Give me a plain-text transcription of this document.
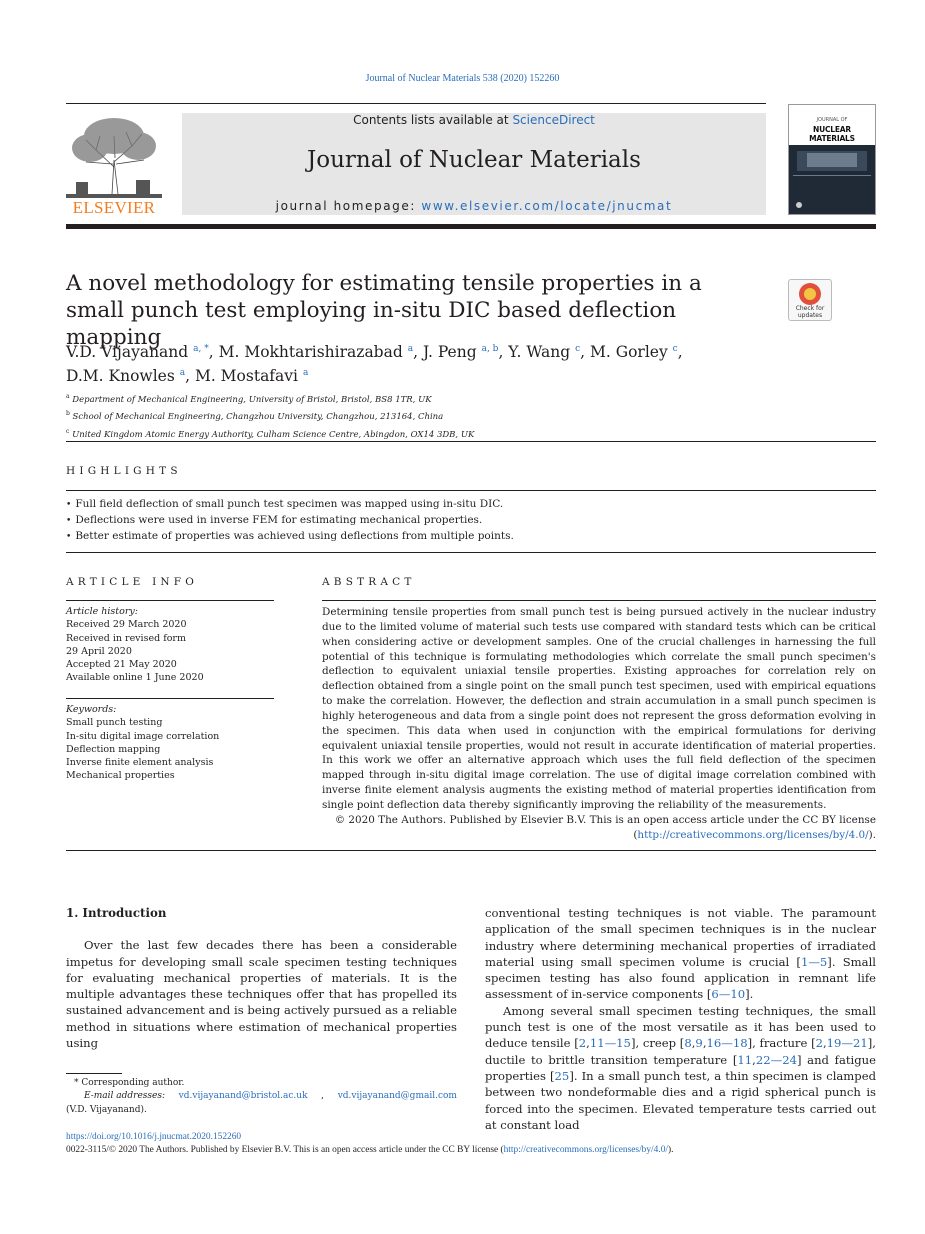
Journal of Nuclear Materials 538 (2020) 152260
ELSEVIER
Contents lists available at ScienceDirect
Journal of Nuclear Materials
journal homepage: www.elsevier.com/locate/jnucmat
JOURNAL OF
NUCLEAR MATERIALS
A novel methodology for estimating tensile properties in a small punch test employing in-situ DIC based deflection mapping
Check for
updates
V.D. Vijayanand $^{a, *}$, M. Mokhtarishirazabad $^a$, J. Peng $^{a, b}$, Y. Wang $^c$, M. Gorley $^c$,
D.M. Knowles $^a$, M. Mostafavi $^a$
$^a$ Department of Mechanical Engineering, University of Bristol, Bristol, BS8 1TR, UK
$^b$ School of Mechanical Engineering, Changzhou University, Changzhou, 213164, China
$^c$ United Kingdom Atomic Energy Authority, Culham Science Centre, Abingdon, OX14 3DB, UK
HIGHLIGHTS
• Full field deflection of small punch test specimen was mapped using in-situ DIC.
• Deflections were used in inverse FEM for estimating mechanical properties.
• Better estimate of properties was achieved using deflections from multiple points.
ARTICLE INFO
Article history:
Received 29 March 2020
Received in revised form
29 April 2020
Accepted 21 May 2020
Available online 1 June 2020
Keywords:
Small punch testing
In-situ digital image correlation
Deflection mapping
Inverse finite element analysis
Mechanical properties
ABSTRACT
Determining tensile properties from small punch test is being pursued actively in the nuclear industry due to the limited volume of material such tests use compared with standard tests which can be critical when considering active or development samples. One of the crucial challenges in harnessing the full potential of this technique is formulating methodologies which correlate the small punch specimen's deflection to equivalent uniaxial tensile properties. Existing approaches for correlation rely on deflection obtained from a single point on the small punch test specimen, used with empirical equations to make the correlation. However, the deflection and strain accumulation in a small punch specimen is highly heterogeneous and data from a single point does not represent the gross deformation evolving in the specimen. This data when used in conjunction with the empirical formulations for deriving equivalent uniaxial tensile properties, would not result in accurate identification of material properties. In this work we offer an alternative approach which uses the full field deflection of the specimen mapped through in-situ digital image correlation. The use of digital image correlation combined with inverse finite element analysis augments the existing method of material properties identification from single point deflection data thereby significantly improving the reliability of the measurements.
© 2020 The Authors. Published by Elsevier B.V. This is an open access article under the CC BY license
(http://creativecommons.org/licenses/by/4.0/).
1. Introduction

Over the last few decades there has been a considerable impetus for developing small scale specimen testing techniques for evaluating mechanical properties of materials. It is the multiple advantages these techniques offer that has propelled its sustained advancement and is being actively pursued as a reliable method in situations where estimation of mechanical properties using

conventional testing techniques is not viable. The paramount application of the small specimen techniques is in the nuclear industry where determining mechanical properties of irradiated material using small specimen volume is crucial [1—5]. Small specimen testing has also found application in remnant life assessment of in-service components [6—10].

Among several small specimen testing techniques, the small punch test is one of the most versatile as it has been used to deduce tensile [2,11—15], creep [8,9,16—18], fracture [2,19—21], ductile to brittle transition temperature [11,22—24] and fatigue properties [25]. In a small punch test, a thin specimen is clamped between two nondeformable dies and a rigid spherical punch is forced into the specimen. Elevated temperature tests carried out at constant load

* Corresponding author.
E-mail addresses: vd.vijayanand@bristol.ac.uk , vd.vijayanand@gmail.com
(V.D. Vijayanand).
https://doi.org/10.1016/j.jnucmat.2020.152260
0022-3115/© 2020 The Authors. Published by Elsevier B.V. This is an open access article under the CC BY license (http://creativecommons.org/licenses/by/4.0/).
